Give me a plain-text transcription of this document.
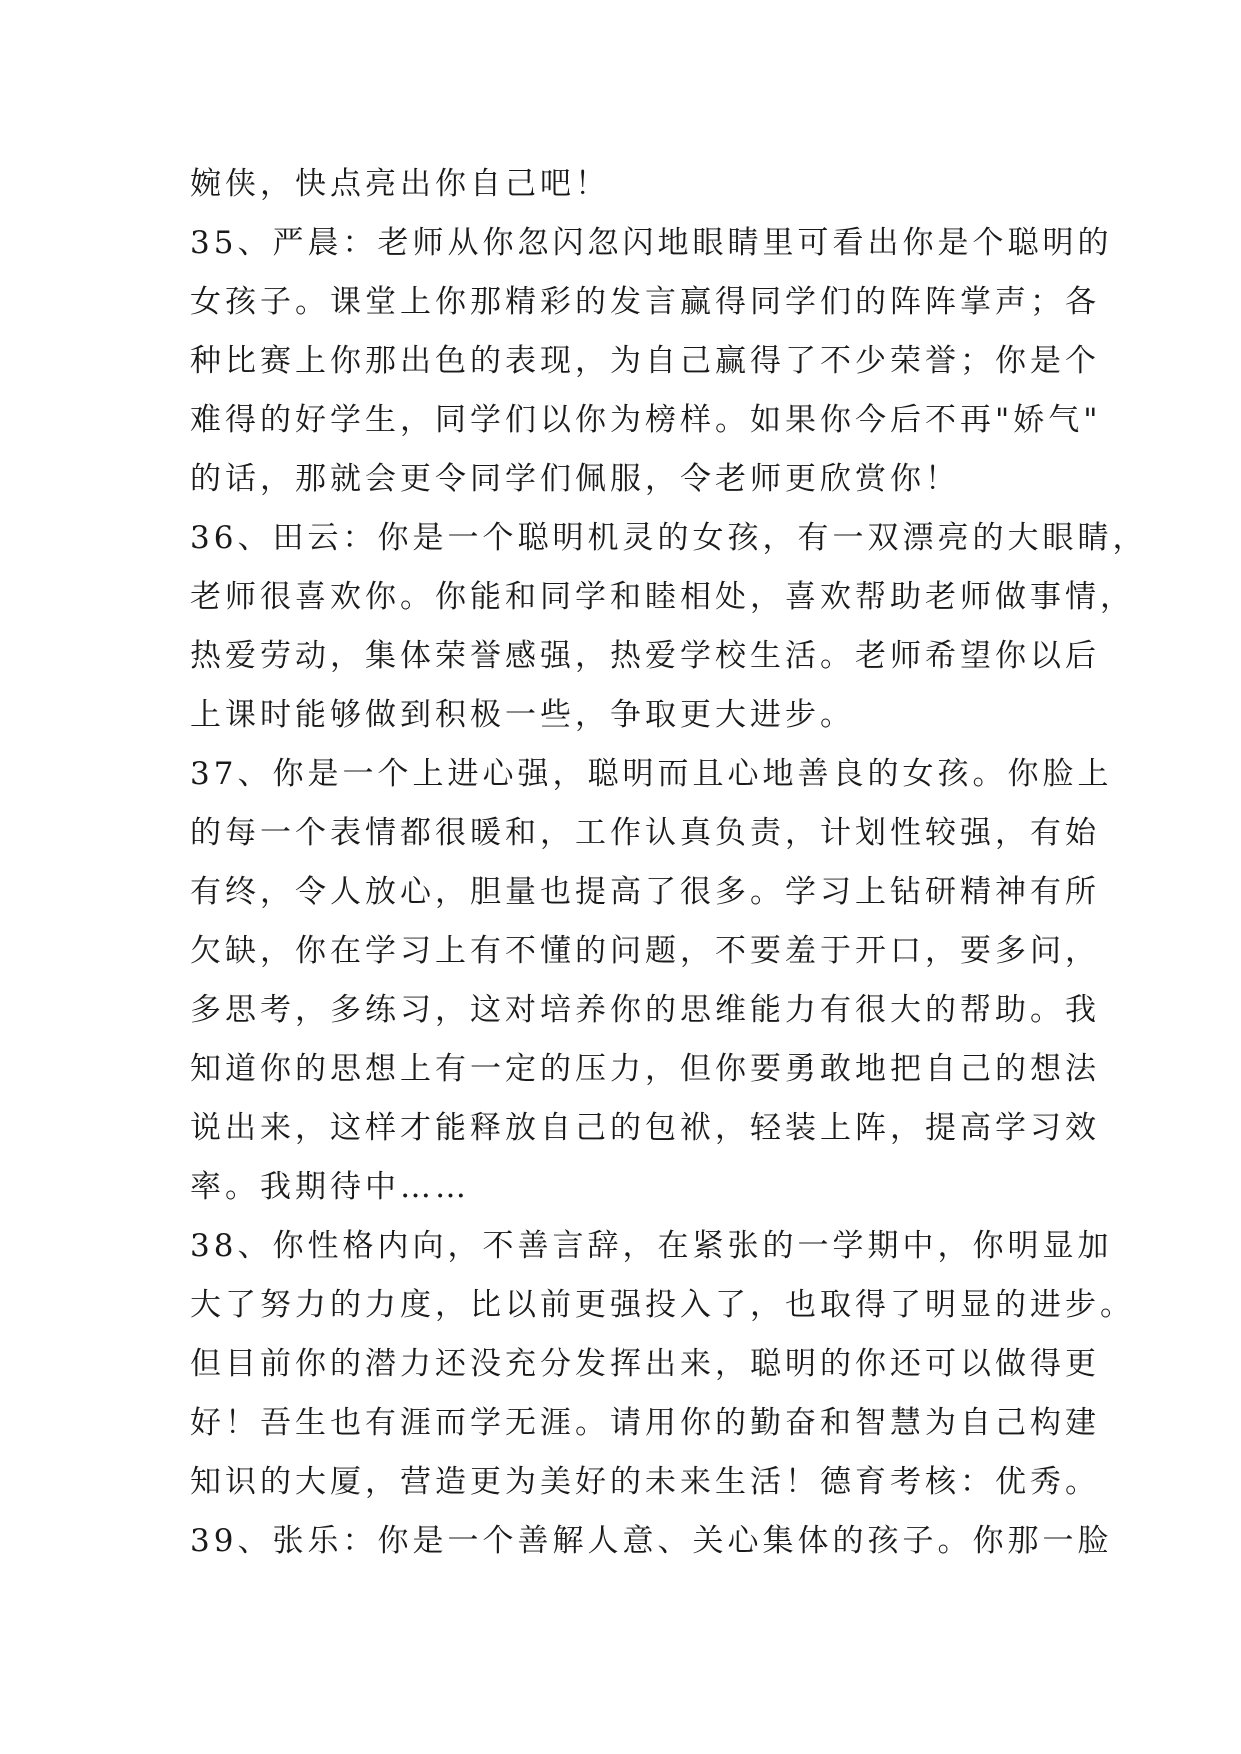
婉侠，快点亮出你自己吧！
35、严晨：老师从你忽闪忽闪地眼睛里可看出你是个聪明的
女孩子。课堂上你那精彩的发言赢得同学们的阵阵掌声；各
种比赛上你那出色的表现，为自己赢得了不少荣誉；你是个
难得的好学生，同学们以你为榜样。如果你今后不再"娇气"
的话，那就会更令同学们佩服，令老师更欣赏你！
36、田云：你是一个聪明机灵的女孩，有一双漂亮的大眼睛，
老师很喜欢你。你能和同学和睦相处，喜欢帮助老师做事情，
热爱劳动，集体荣誉感强，热爱学校生活。老师希望你以后
上课时能够做到积极一些，争取更大进步。
37、你是一个上进心强，聪明而且心地善良的女孩。你脸上
的每一个表情都很暖和，工作认真负责，计划性较强，有始
有终，令人放心，胆量也提高了很多。学习上钻研精神有所
欠缺，你在学习上有不懂的问题，不要羞于开口，要多问，
多思考，多练习，这对培养你的思维能力有很大的帮助。我
知道你的思想上有一定的压力，但你要勇敢地把自己的想法
说出来，这样才能释放自己的包袱，轻装上阵，提高学习效
率。我期待中……
38、你性格内向，不善言辞，在紧张的一学期中，你明显加
大了努力的力度，比以前更强投入了，也取得了明显的进步。
但目前你的潜力还没充分发挥出来，聪明的你还可以做得更
好！吾生也有涯而学无涯。请用你的勤奋和智慧为自己构建
知识的大厦，营造更为美好的未来生活！德育考核：优秀。
39、张乐：你是一个善解人意、关心集体的孩子。你那一脸
